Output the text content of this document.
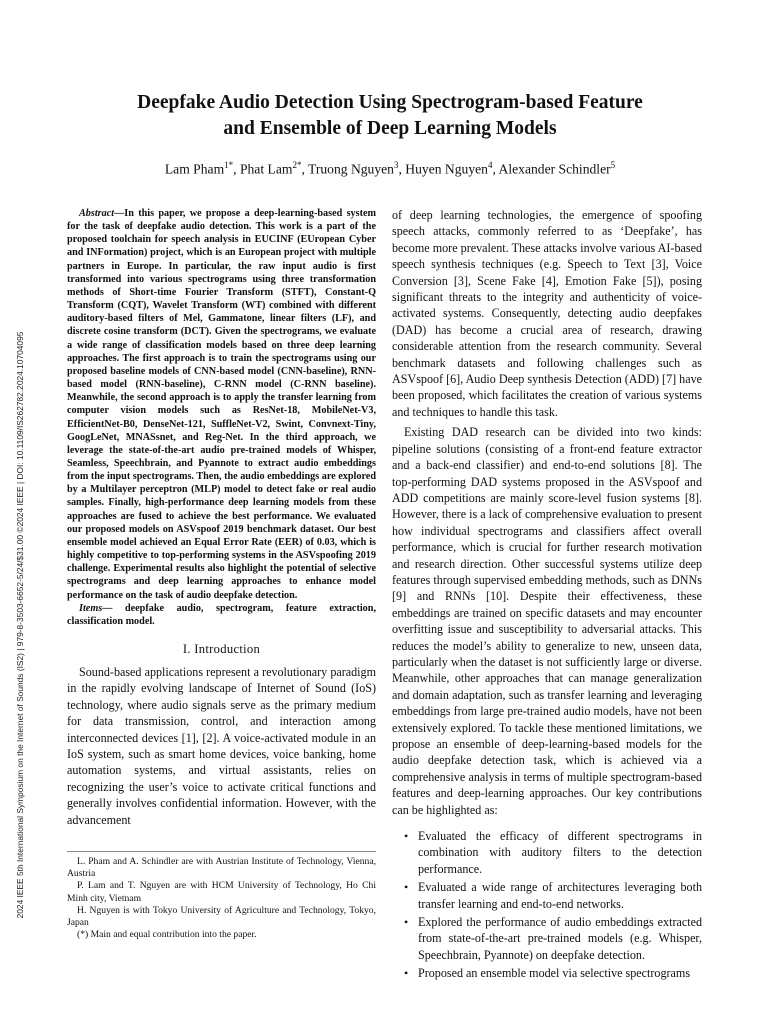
2024 IEEE 5th International Symposium on the Internet of Sounds (IS2) | 979-8-3503-6652-5/24/$31.00 ©2024 IEEE | DOI: 10.1109/IS262782.2024.10704095
Deepfake Audio Detection Using Spectrogram-based Feature
and Ensemble of Deep Learning Models
Lam Pham$^{1*}$, Phat Lam$^{2*}$, Truong Nguyen$^3$, Huyen Nguyen$^4$, Alexander Schindler$^5$

Abstract—In this paper, we propose a deep-learning-based system for the task of deepfake audio detection. This work is a part of the proposed toolchain for speech analysis in EUCINF (EUropean Cyber and INFormation) project, which is an European project with multiple partners in Europe. In particular, the raw input audio is first transformed into various spectrograms using three transformation methods of Short-time Fourier Transform (STFT), Constant-Q Transform (CQT), Wavelet Transform (WT) combined with different auditory-based filters of Mel, Gammatone, linear filters (LF), and discrete cosine transform (DCT). Given the spectrograms, we evaluate a wide range of classification models based on three deep learning approaches. The first approach is to train the spectrograms using our proposed baseline models of CNN-based model (CNN-baseline), RNN-based model (RNN-baseline), C-RNN model (C-RNN baseline). Meanwhile, the second approach is to apply the transfer learning from computer vision models such as ResNet-18, MobileNet-V3, EfficientNet-B0, DenseNet-121, SuffleNet-V2, Swint, Convnext-Tiny, GoogLeNet, MNASsnet, and Reg-Net. In the third approach, we leverage the state-of-the-art audio pre-trained models of Whisper, Seamless, Speechbrain, and Pyannote to extract audio embeddings from the input spectrograms. Then, the audio embeddings are explored by a Multilayer perceptron (MLP) model to detect fake or real audio samples. Finally, high-performance deep learning models from these approaches are fused to achieve the best performance. We evaluated our proposed models on ASVspoof 2019 benchmark dataset. Our best ensemble model achieved an Equal Error Rate (EER) of 0.03, which is highly competitive to top-performing systems in the ASVspoofing 2019 challenge. Experimental results also highlight the potential of selective spectrograms and deep learning approaches to enhance model performance on the task of audio deepfake detection.

Items— deepfake audio, spectrogram, feature extraction, classification model.

I. Introduction

Sound-based applications represent a revolutionary paradigm in the rapidly evolving landscape of Internet of Sound (IoS) technology, where audio signals serve as the primary medium for data transmission, control, and interaction among interconnected devices [1], [2]. A voice-activated module in an IoS system, such as smart home devices, voice banking, home automation systems, and virtual assistants, relies on recognizing the user’s voice to activate critical functions and generally involves confidential information. However, with the advancement

L. Pham and A. Schindler are with Austrian Institute of Technology, Vienna, Austria

P. Lam and T. Nguyen are with HCM University of Technology, Ho Chi Minh city, Vietnam

H. Nguyen is with Tokyo University of Agriculture and Technology, Tokyo, Japan

(*) Main and equal contribution into the paper.

of deep learning technologies, the emergence of spoofing speech attacks, commonly referred to as ‘Deepfake’, has become more prevalent. These attacks involve various AI-based speech synthesis techniques (e.g. Speech to Text [3], Voice Conversion [3], Scene Fake [4], Emotion Fake [5]), posing significant threats to the integrity and authenticity of voice-activated systems. Consequently, detecting audio deepfakes (DAD) has become a crucial area of research, drawing considerable attention from the research community. Several benchmark datasets and following challenges such as ASVspoof [6], Audio Deep synthesis Detection (ADD) [7] have been proposed, which facilitates the creation of various systems and techniques to handle this task.

Existing DAD research can be divided into two kinds: pipeline solutions (consisting of a front-end feature extractor and a back-end classifier) and end-to-end solutions [8]. The top-performing DAD systems proposed in the ASVspoof and ADD competitions are mainly score-level fusion systems [8]. However, there is a lack of comprehensive evaluation to present how individual spectrograms and classifiers affect overall performance, which is crucial for further research motivation and research direction. Other successful systems utilize deep features through supervised embedding methods, such as DNNs [9] and RNNs [10]. Despite their effectiveness, these embeddings are trained on specific datasets and may encounter overfitting issue and susceptibility to adversarial attacks. This reduces the model’s ability to generalize to new, unseen data, particularly when the dataset is not sufficiently large or diverse. Meanwhile, other approaches that can manage generalization and domain adaptation, such as transfer learning and leveraging embeddings from large pre-trained audio models, have not been extensively explored. To tackle these mentioned limitations, we propose an ensemble of deep-learning-based models for the audio deepfake detection task, which is achieved via a comprehensive analysis in terms of multiple spectrogram-based features and deep-learning approaches. Our key contributions can be highlighted as:

• Evaluated the efficacy of different spectrograms in combination with auditory filters to the detection performance.
• Evaluated a wide range of architectures leveraging both transfer learning and end-to-end networks.
• Explored the performance of audio embeddings extracted from state-of-the-art pre-trained models (e.g. Whisper, Speechbrain, Pyannote) on deepfake detection.
• Proposed an ensemble model via selective spectrograms
